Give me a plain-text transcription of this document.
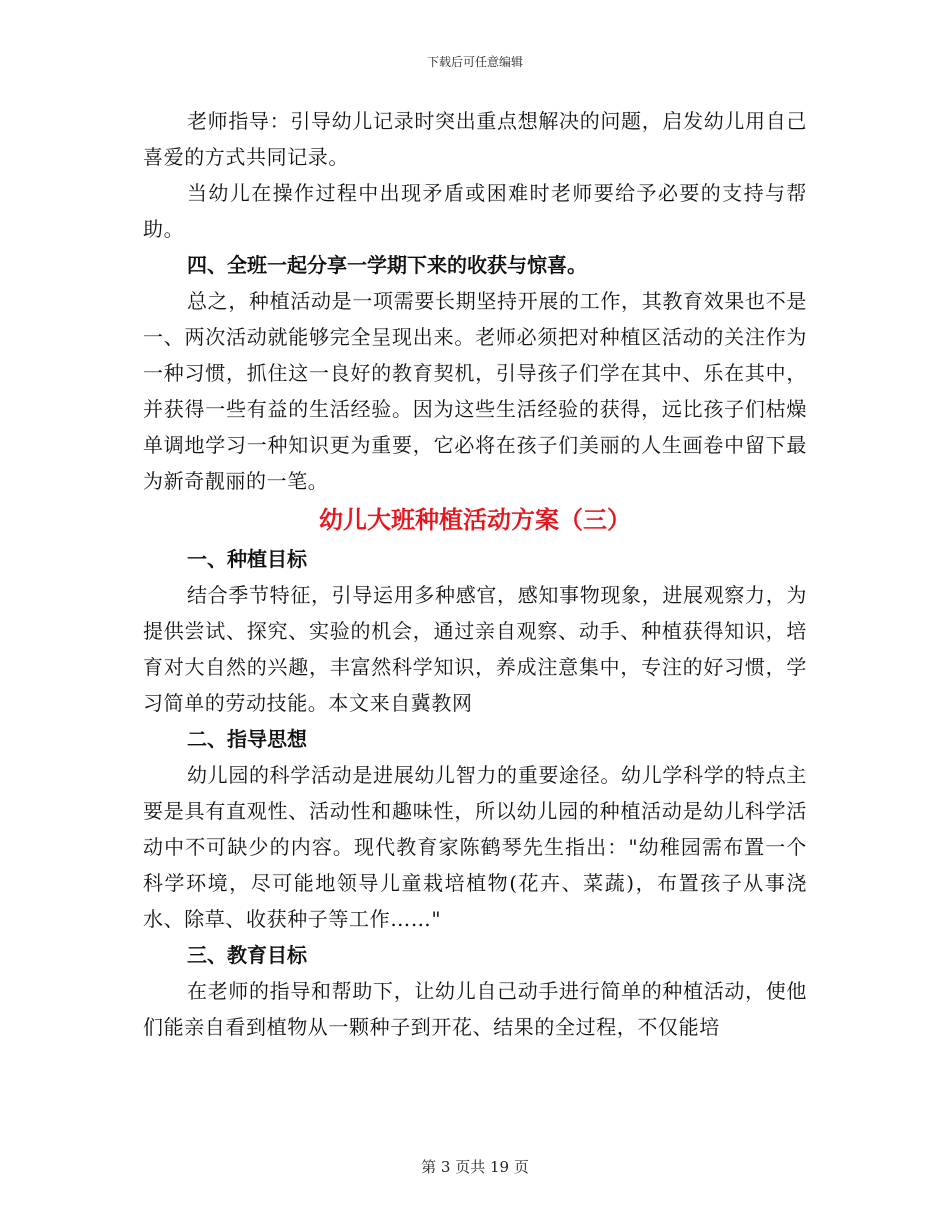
下载后可任意编辑

老师指导：引导幼儿记录时突出重点想解决的问题，启发幼儿用自己喜爱的方式共同记录。

当幼儿在操作过程中出现矛盾或困难时老师要给予必要的支持与帮助。

四、全班一起分享一学期下来的收获与惊喜。

总之，种植活动是一项需要长期坚持开展的工作，其教育效果也不是一、两次活动就能够完全呈现出来。老师必须把对种植区活动的关注作为一种习惯，抓住这一良好的教育契机，引导孩子们学在其中、乐在其中，并获得一些有益的生活经验。因为这些生活经验的获得，远比孩子们枯燥单调地学习一种知识更为重要，它必将在孩子们美丽的人生画卷中留下最为新奇靓丽的一笔。

幼儿大班种植活动方案（三）

一、种植目标

结合季节特征，引导运用多种感官，感知事物现象，进展观察力，为提供尝试、探究、实验的机会，通过亲自观察、动手、种植获得知识，培育对大自然的兴趣，丰富然科学知识，养成注意集中，专注的好习惯，学习简单的劳动技能。本文来自冀教网

二、指导思想

幼儿园的科学活动是进展幼儿智力的重要途径。幼儿学科学的特点主要是具有直观性、活动性和趣味性，所以幼儿园的种植活动是幼儿科学活动中不可缺少的内容。现代教育家陈鹤琴先生指出："幼稚园需布置一个科学环境，尽可能地领导儿童栽培植物(花卉、菜蔬)，布置孩子从事浇水、除草、收获种子等工作……"

三、教育目标

在老师的指导和帮助下，让幼儿自己动手进行简单的种植活动，使他们能亲自看到植物从一颗种子到开花、结果的全过程，不仅能培

第 3 页共 19 页
